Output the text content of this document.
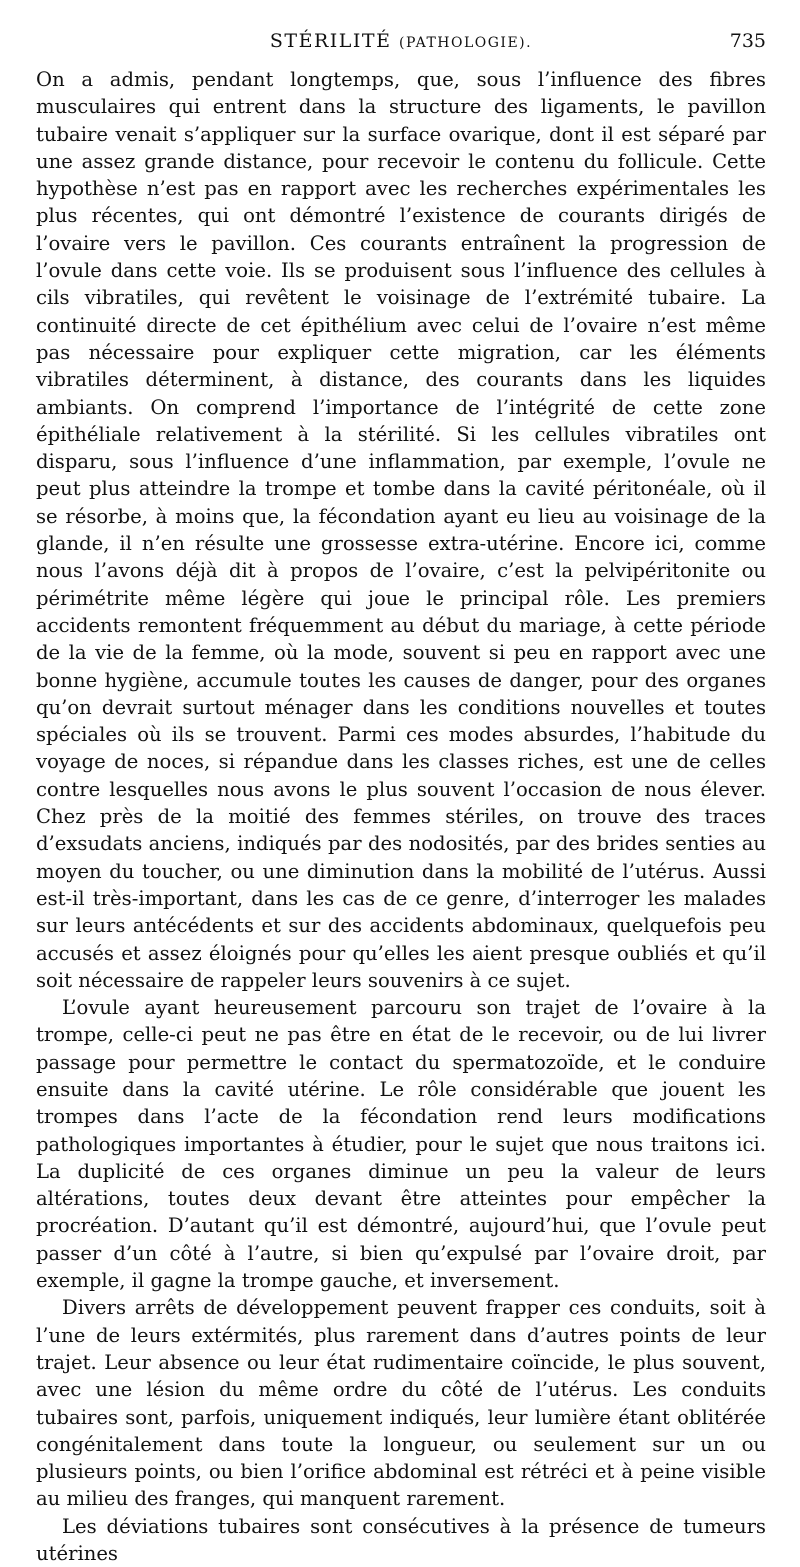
STÉRILITÉ (PATHOLOGIE).	735

On a admis, pendant longtemps, que, sous l’influence des fibres musculaires qui entrent dans la structure des ligaments, le pavillon tubaire venait s’appliquer sur la surface ovarique, dont il est séparé par une assez grande distance, pour recevoir le contenu du follicule. Cette hypothèse n’est pas en rapport avec les recherches expérimentales les plus récentes, qui ont démontré l’existence de courants dirigés de l’ovaire vers le pavillon. Ces courants entraînent la progression de l’ovule dans cette voie. Ils se produisent sous l’influence des cellules à cils vibratiles, qui revêtent le voisinage de l’extrémité tubaire. La continuité directe de cet épithélium avec celui de l’ovaire n’est même pas nécessaire pour expliquer cette migration, car les éléments vibratiles déterminent, à distance, des courants dans les liquides ambiants. On comprend l’importance de l’intégrité de cette zone épithéliale relativement à la stérilité. Si les cellules vibratiles ont disparu, sous l’influence d’une inflammation, par exemple, l’ovule ne peut plus atteindre la trompe et tombe dans la cavité péritonéale, où il se résorbe, à moins que, la fécondation ayant eu lieu au voisinage de la glande, il n’en résulte une grossesse extra-utérine. Encore ici, comme nous l’avons déjà dit à propos de l’ovaire, c’est la pelvipéritonite ou périmétrite même légère qui joue le principal rôle. Les premiers accidents remontent fréquemment au début du mariage, à cette période de la vie de la femme, où la mode, souvent si peu en rapport avec une bonne hygiène, accumule toutes les causes de danger, pour des organes qu’on devrait surtout ménager dans les conditions nouvelles et toutes spéciales où ils se trouvent. Parmi ces modes absurdes, l’habitude du voyage de noces, si répandue dans les classes riches, est une de celles contre lesquelles nous avons le plus souvent l’occasion de nous élever. Chez près de la moitié des femmes stériles, on trouve des traces d’exsudats anciens, indiqués par des nodosités, par des brides senties au moyen du toucher, ou une diminution dans la mobilité de l’utérus. Aussi est-il très-important, dans les cas de ce genre, d’interroger les malades sur leurs antécédents et sur des accidents abdominaux, quelquefois peu accusés et assez éloignés pour qu’elles les aient presque oubliés et qu’il soit nécessaire de rappeler leurs souvenirs à ce sujet.

L’ovule ayant heureusement parcouru son trajet de l’ovaire à la trompe, celle-ci peut ne pas être en état de le recevoir, ou de lui livrer passage pour permettre le contact du spermatozoïde, et le conduire ensuite dans la cavité utérine. Le rôle considérable que jouent les trompes dans l’acte de la fécondation rend leurs modifications pathologiques importantes à étudier, pour le sujet que nous traitons ici. La duplicité de ces organes diminue un peu la valeur de leurs altérations, toutes deux devant être atteintes pour empêcher la procréation. D’autant qu’il est démontré, aujourd’hui, que l’ovule peut passer d’un côté à l’autre, si bien qu’expulsé par l’ovaire droit, par exemple, il gagne la trompe gauche, et inversement.

Divers arrêts de développement peuvent frapper ces conduits, soit à l’une de leurs extérmités, plus rarement dans d’autres points de leur trajet. Leur absence ou leur état rudimentaire coïncide, le plus souvent, avec une lésion du même ordre du côté de l’utérus. Les conduits tubaires sont, parfois, uniquement indiqués, leur lumière étant oblitérée congénitalement dans toute la longueur, ou seulement sur un ou plusieurs points, ou bien l’orifice abdominal est rétréci et à peine visible au milieu des franges, qui manquent rarement.

Les déviations tubaires sont consécutives à la présence de tumeurs utérines
